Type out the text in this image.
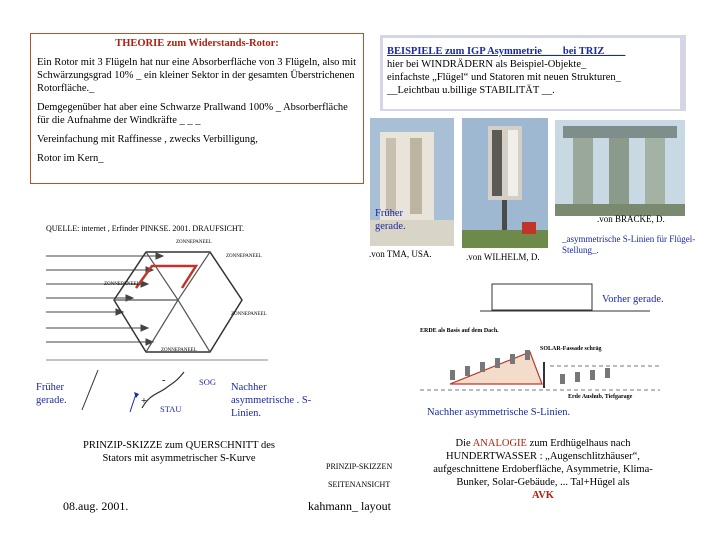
THEORIE zum Widerstands-Rotor:

Ein Rotor mit 3 Flügeln hat nur eine Absorberfläche von 3 Flügeln, also mit Schwärzungsgrad 10% _ ein kleiner Sektor in der gesamten Überstrichenen Rotorfläche._

Demgegenüber hat aber eine Schwarze Prallwand 100% _ Absorberfläche für die Aufnahme der Windkräfte _ _ _

Vereinfachung mit Raffinesse , zwecks Verbilligung,

Rotor im Kern_

BEISPIELE zum IGP Asymmetrie____bei TRIZ____
hier bei WINDRÄDERN als Beispiel-Objekte_
einfachste „Flügel“ und Statoren mit neuen Strukturen_
__Leichtbau u.billige STABILITÄT __.
Früher gerade.
.von TMA, USA.	.von WILHELM, D.
.von BRACKE, D.
_asymmetrische S-Linien für Flügel-Stellung_.
QUELLE: internet , Erfinder PINKSE. 2001. DRAUFSICHT.
ZONNEPANEEL
ZONNEPANEEL
ZONNEPANEEL
ZONNEPANEEL
ZONNEPANEEL
Früher gerade.
-
+
SOG
STAU
Nachher asymmetrische . S-Linien.
PRINZIP-SKIZZE zum QUERSCHNITT des Stators mit asymmetrischer S-Kurve
Vorher gerade.
ERDE als Basis auf dem Dach.
SOLAR-Fassade schräg
Erde Aushub, Tiefgarage
Nachher asymmetrische S-Linien.
PRINZIP-SKIZZEN
SEITENANSICHT
Die ANALOGIE zum Erdhügelhaus nach HUNDERTWASSER : „Augenschlitzhäuser“, aufgeschnittene Erdoberfläche, Asymmetrie, Klima-Bunker, Solar-Gebäude, ... Tal+Hügel als
AVK
08.aug. 2001.	kahmann_ layout
